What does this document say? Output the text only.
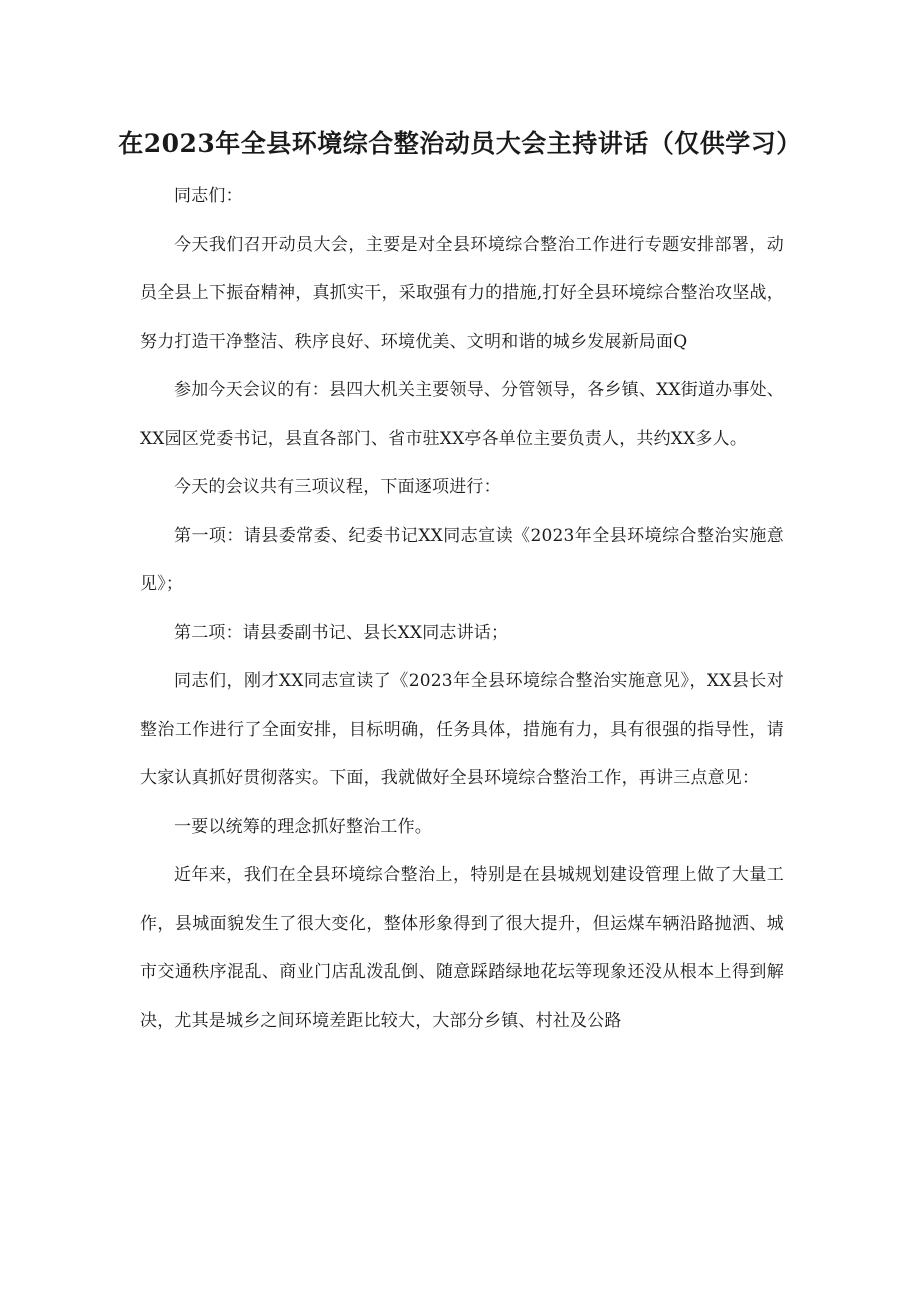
在2023年全县环境综合整治动员大会主持讲话（仅供学习）

同志们：

今天我们召开动员大会，主要是对全县环境综合整治工作进行专题安排部署，动员全县上下振奋精神，真抓实干，采取强有力的措施,打好全县环境综合整治攻坚战，努力打造干净整洁、秩序良好、环境优美、文明和谐的城乡发展新局面Q

参加今天会议的有：县四大机关主要领导、分管领导，各乡镇、XX街道办事处、XX园区党委书记，县直各部门、省市驻XX亭各单位主要负责人，共约XX多人。

今天的会议共有三项议程，下面逐项进行：

第一项：请县委常委、纪委书记XX同志宣读《2023年全县环境综合整治实施意见》；

第二项：请县委副书记、县长XX同志讲话；

同志们，刚才XX同志宣读了《2023年全县环境综合整治实施意见》，XX县长对整治工作进行了全面安排，目标明确，任务具体，措施有力，具有很强的指导性，请大家认真抓好贯彻落实。下面，我就做好全县环境综合整治工作，再讲三点意见：

一要以统筹的理念抓好整治工作。

近年来，我们在全县环境综合整治上，特别是在县城规划建设管理上做了大量工作，县城面貌发生了很大变化，整体形象得到了很大提升，但运煤车辆沿路抛洒、城市交通秩序混乱、商业门店乱泼乱倒、随意踩踏绿地花坛等现象还没从根本上得到解决，尤其是城乡之间环境差距比较大，大部分乡镇、村社及公路
